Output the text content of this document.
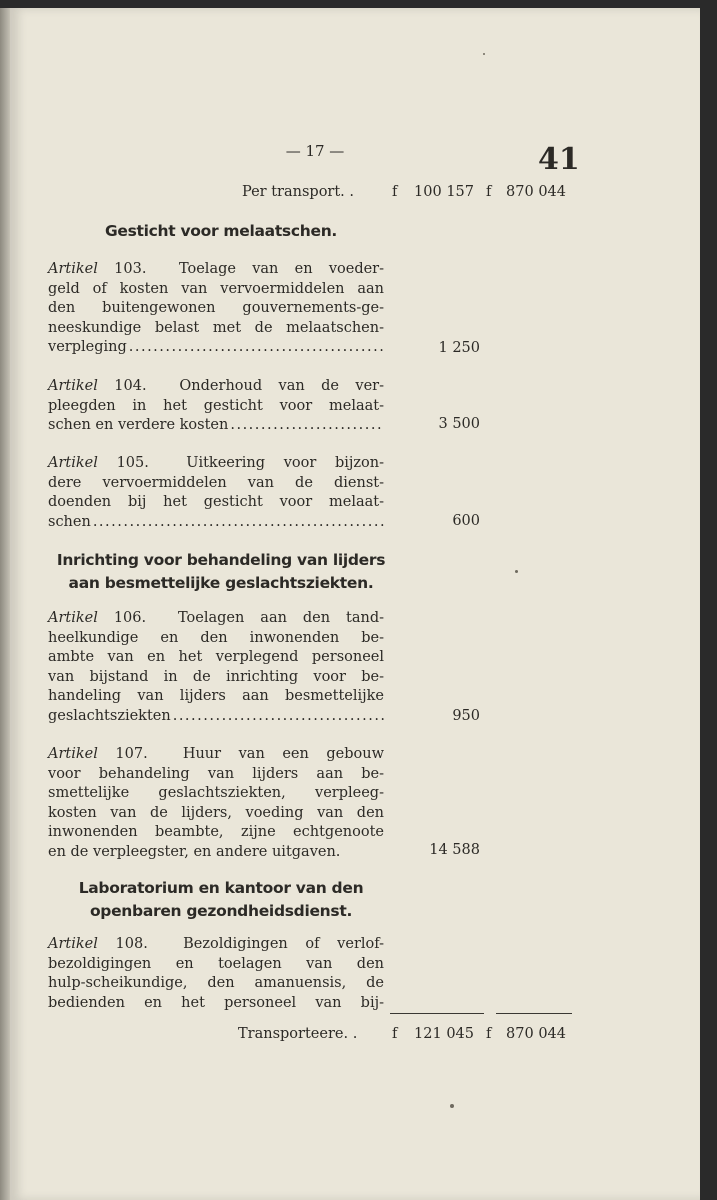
— 17 —	41
Per transport. .	f	100 157 f 870 044
Gesticht voor melaatschen.
Artikel 103. Toelage van en voeder-
geld of kosten van vervoermiddelen aan
den buitengewonen gouvernements-ge-
neeskundige belast met de melaatschen-
verpleging .....	1 250
Artikel 104. Onderhoud van de ver-
pleegden in het gesticht voor melaat-
schen en verdere kosten .....	3 500
Artikel 105.	Uitkeering voor bijzon-
dere vervoermiddelen van de dienst-
doenden bij het gesticht voor melaat-
schen .....	600
Inrichting voor behandeling van lijders
aan besmettelijke geslachtsziekten.
Artikel 106. Toelagen aan den tand-
heelkundige en den inwonenden be-
ambte van en het verplegend personeel
van bijstand in de inrichting voor be-
handeling van lijders aan besmettelijke
geslachtsziekten .....	950
Artikel 107. Huur van een gebouw
voor behandeling van lijders aan be-
smettelijke geslachtsziekten, verpleeg-
kosten van de lijders, voeding van den
inwonenden beambte, zijne echtgenoote
en de verpleegster, en andere uitgaven.	14 588
Laboratorium en kantoor van den
openbaren gezondheidsdienst.
Artikel 108. Bezoldigingen of verlof-
bezoldigingen en toelagen van den
hulp-scheikundige, den amanuensis, de
bedienden en het personeel van bij-
Transporteere. . f	121 045 f 870 044
